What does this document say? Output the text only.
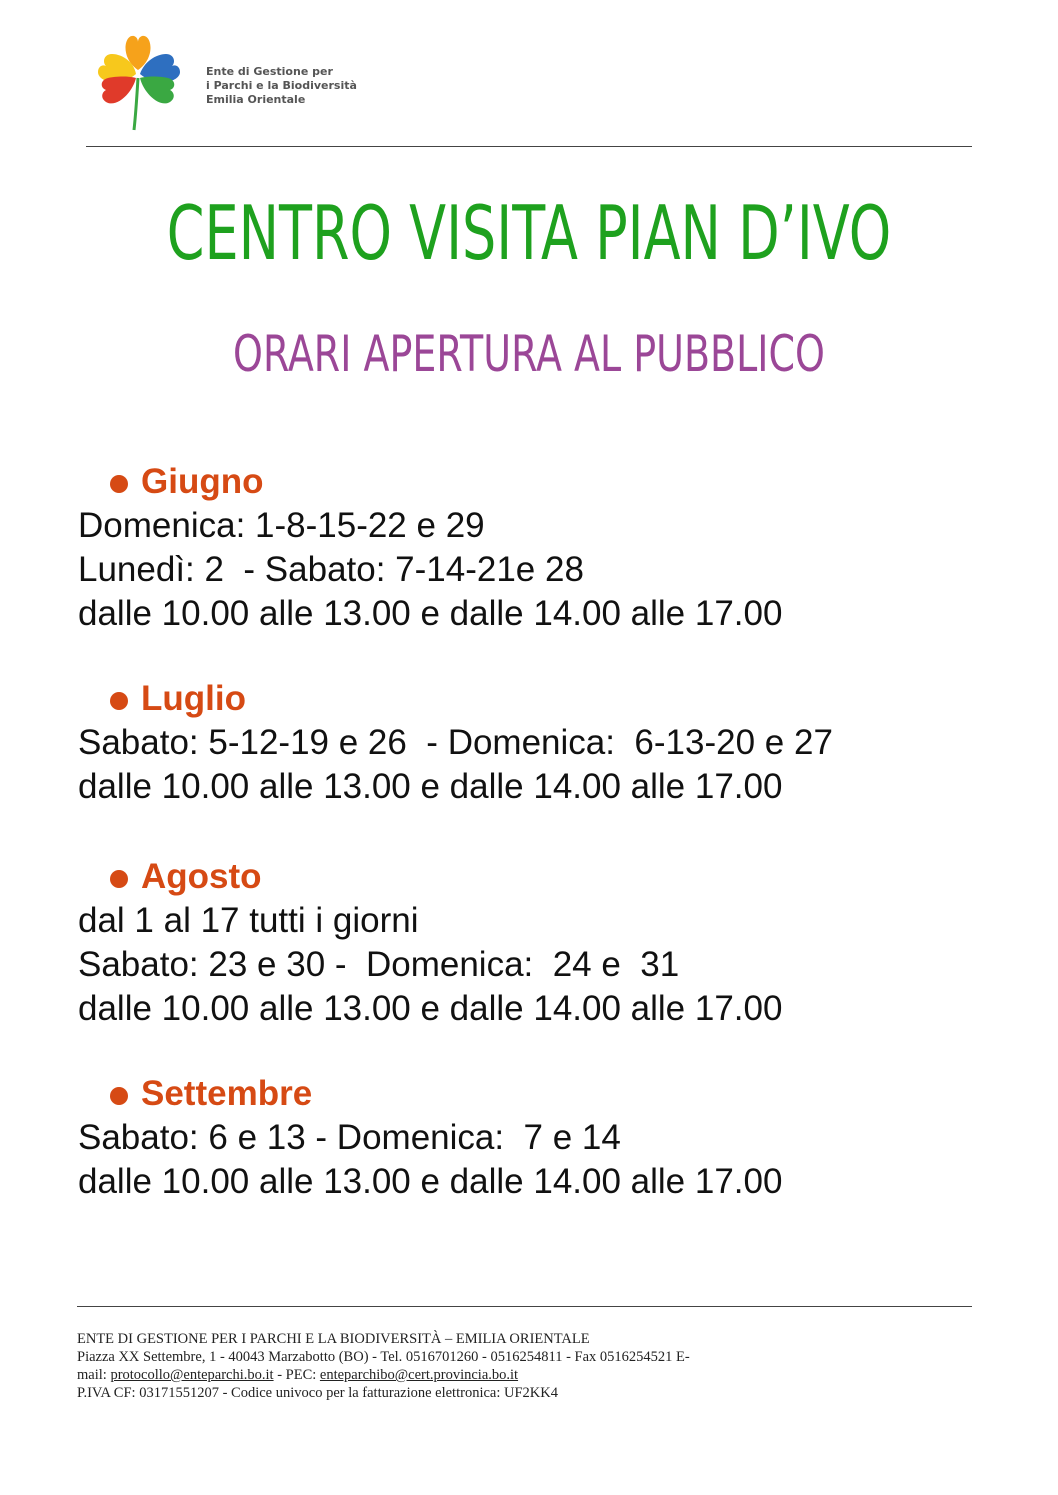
Ente di Gestione per
i Parchi e la Biodiversità
Emilia Orientale
CENTRO VISITA PIAN D’IVO
ORARI APERTURA AL PUBBLICO
Giugno
Domenica: 1-8-15-22 e 29
Lunedì: 2  - Sabato: 7-14-21e 28
dalle 10.00 alle 13.00 e dalle 14.00 alle 17.00
Luglio
Sabato: 5-12-19 e 26  - Domenica:  6-13-20 e 27
dalle 10.00 alle 13.00 e dalle 14.00 alle 17.00
Agosto
dal 1 al 17 tutti i giorni
Sabato: 23 e 30 -  Domenica:  24 e  31
dalle 10.00 alle 13.00 e dalle 14.00 alle 17.00
Settembre
Sabato: 6 e 13 - Domenica:  7 e 14
dalle 10.00 alle 13.00 e dalle 14.00 alle 17.00
ENTE DI GESTIONE PER I PARCHI E LA BIODIVERSITÀ – EMILIA ORIENTALE
Piazza XX Settembre, 1 - 40043 Marzabotto (BO) - Tel. 0516701260 - 0516254811 - Fax 0516254521 E-
mail: protocollo@enteparchi.bo.it - PEC: enteparchibo@cert.provincia.bo.it
P.IVA CF: 03171551207 - Codice univoco per la fatturazione elettronica: UF2KK4
